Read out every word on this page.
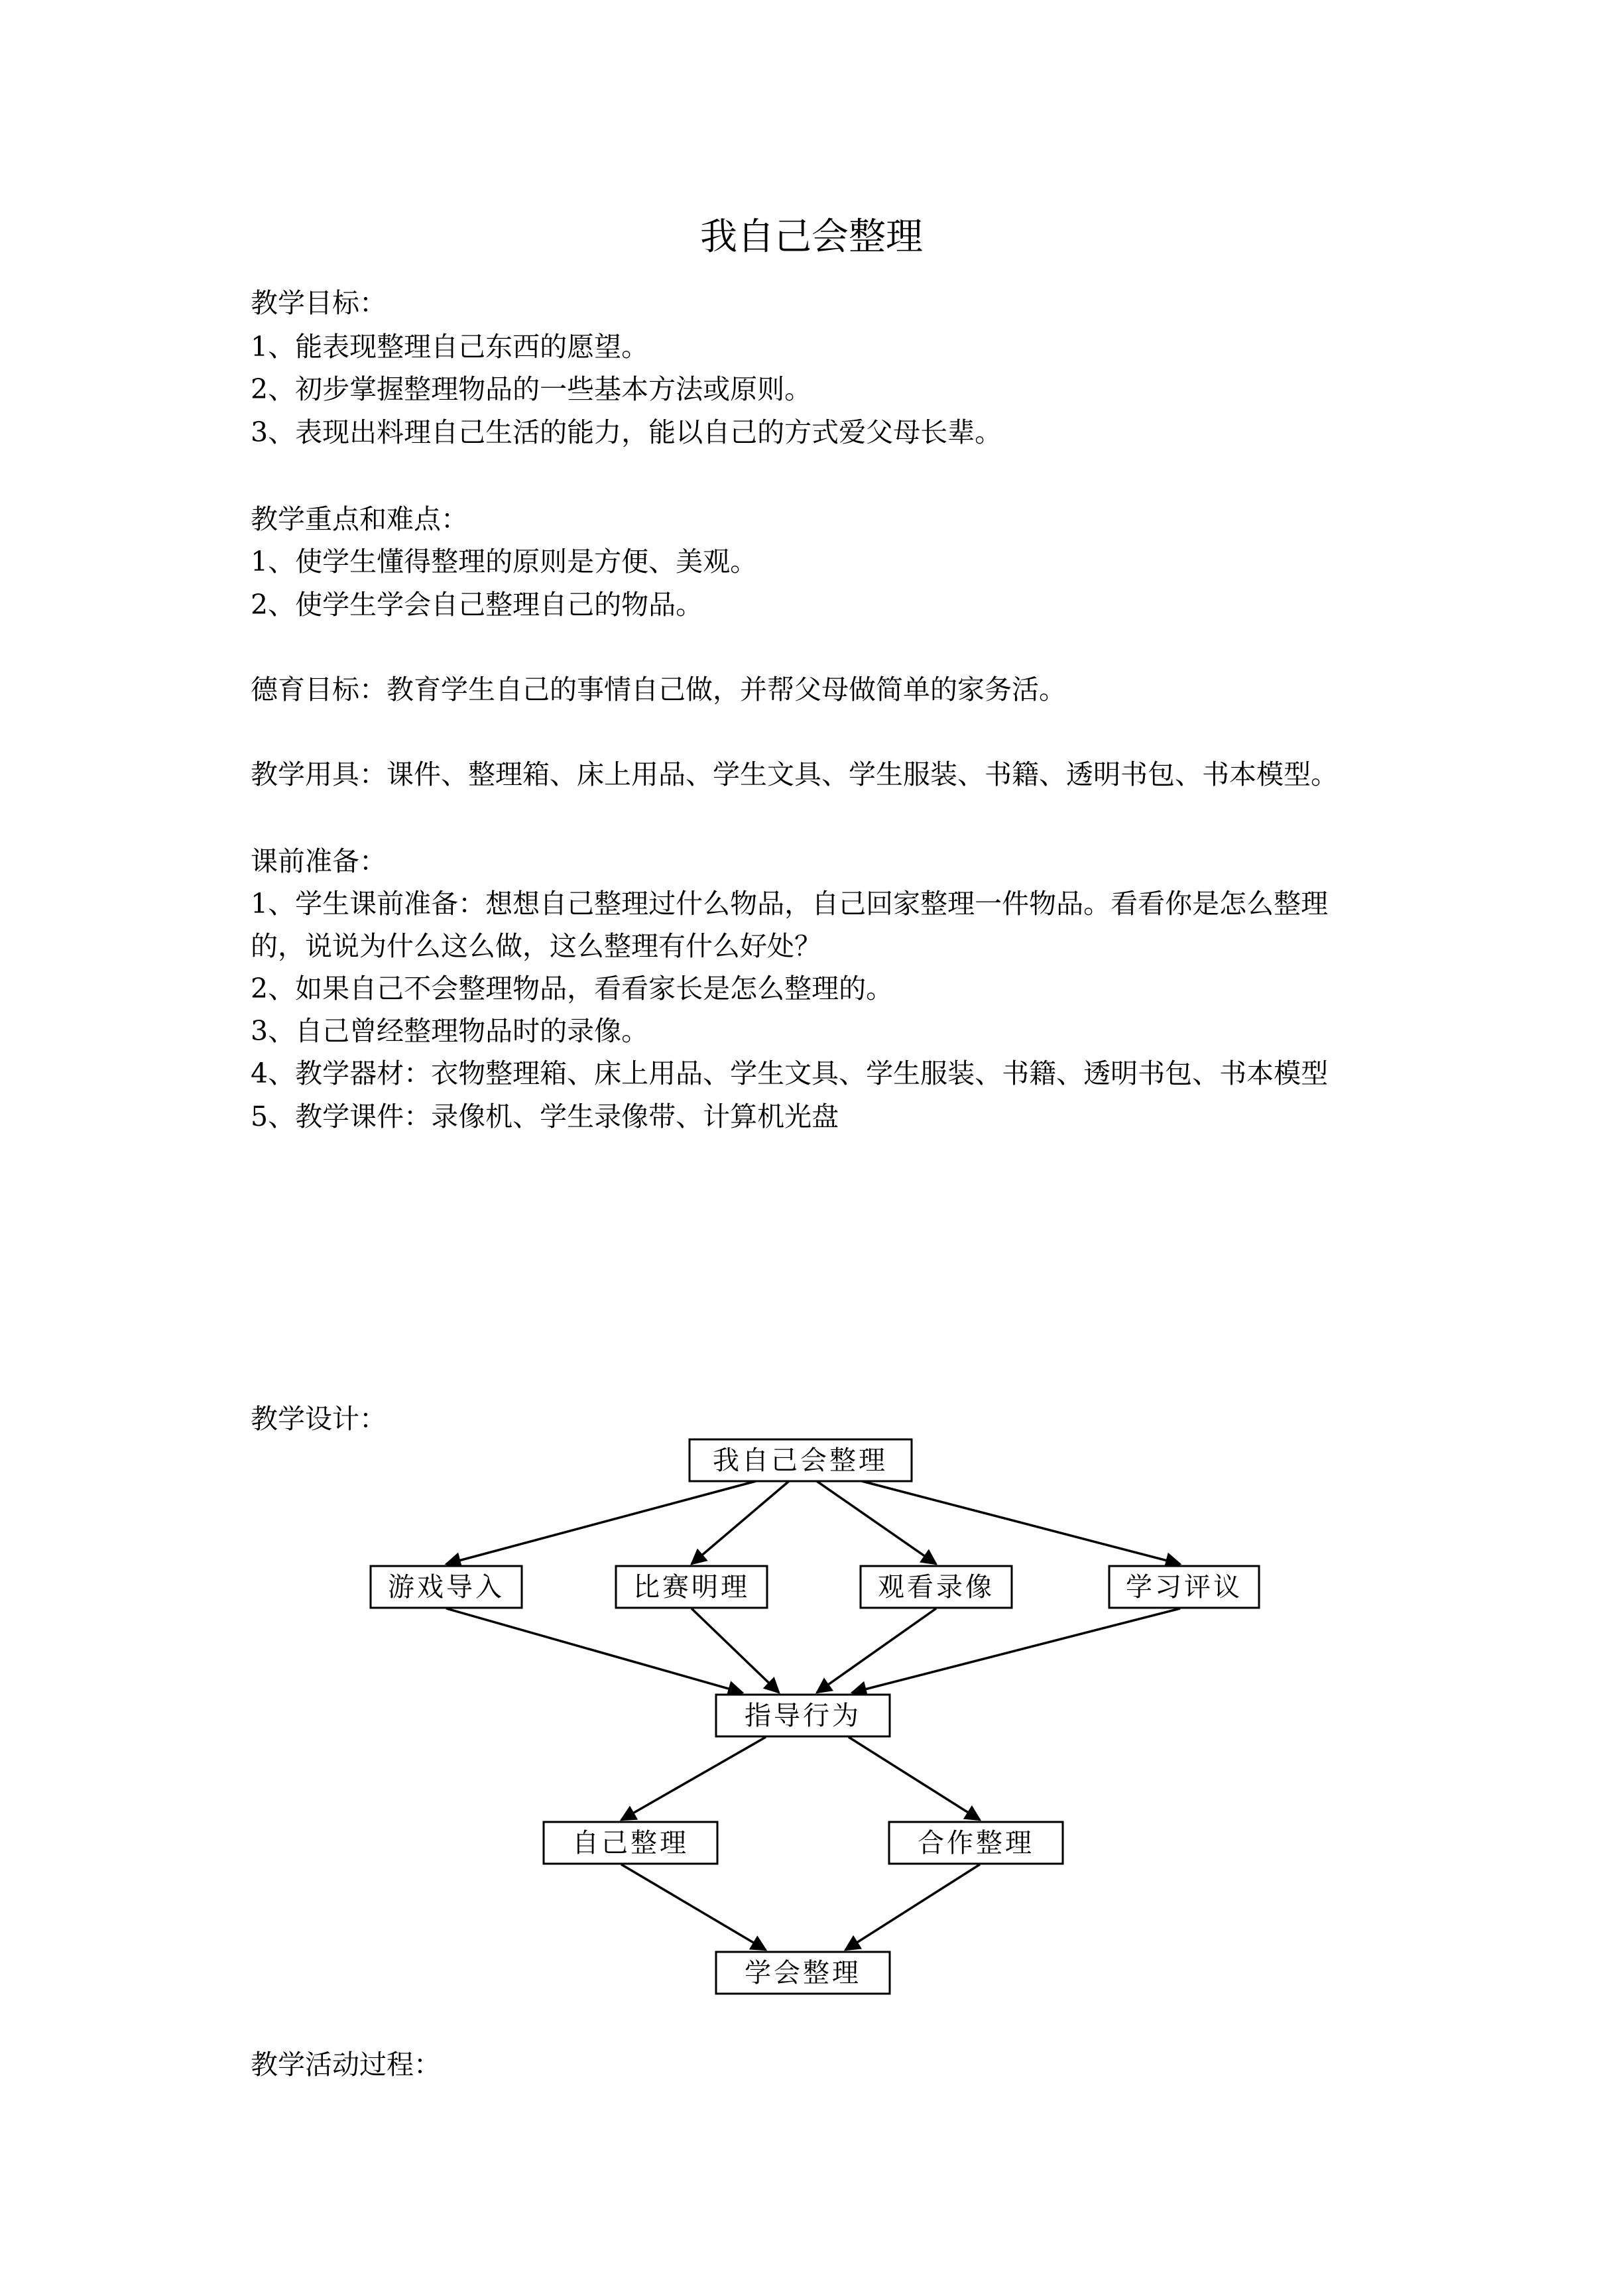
我自己会整理
教学目标：
1、能表现整理自己东西的愿望。
2、初步掌握整理物品的一些基本方法或原则。
3、表现出料理自己生活的能力，能以自己的方式爱父母长辈。
教学重点和难点：
1、使学生懂得整理的原则是方便、美观。
2、使学生学会自己整理自己的物品。
德育目标：教育学生自己的事情自己做，并帮父母做简单的家务活。
教学用具：课件、整理箱、床上用品、学生文具、学生服装、书籍、透明书包、书本模型。
课前准备：
1、学生课前准备：想想自己整理过什么物品，自己回家整理一件物品。看看你是怎么整理
的，说说为什么这么做，这么整理有什么好处？
2、如果自己不会整理物品，看看家长是怎么整理的。
3、自己曾经整理物品时的录像。
4、教学器材：衣物整理箱、床上用品、学生文具、学生服装、书籍、透明书包、书本模型
5、教学课件：录像机、学生录像带、计算机光盘
教学设计：
我自己会整理
游戏导入	比赛明理	观看录像	学习评议
指导行为
自己整理	合作整理
学会整理
教学活动过程：
